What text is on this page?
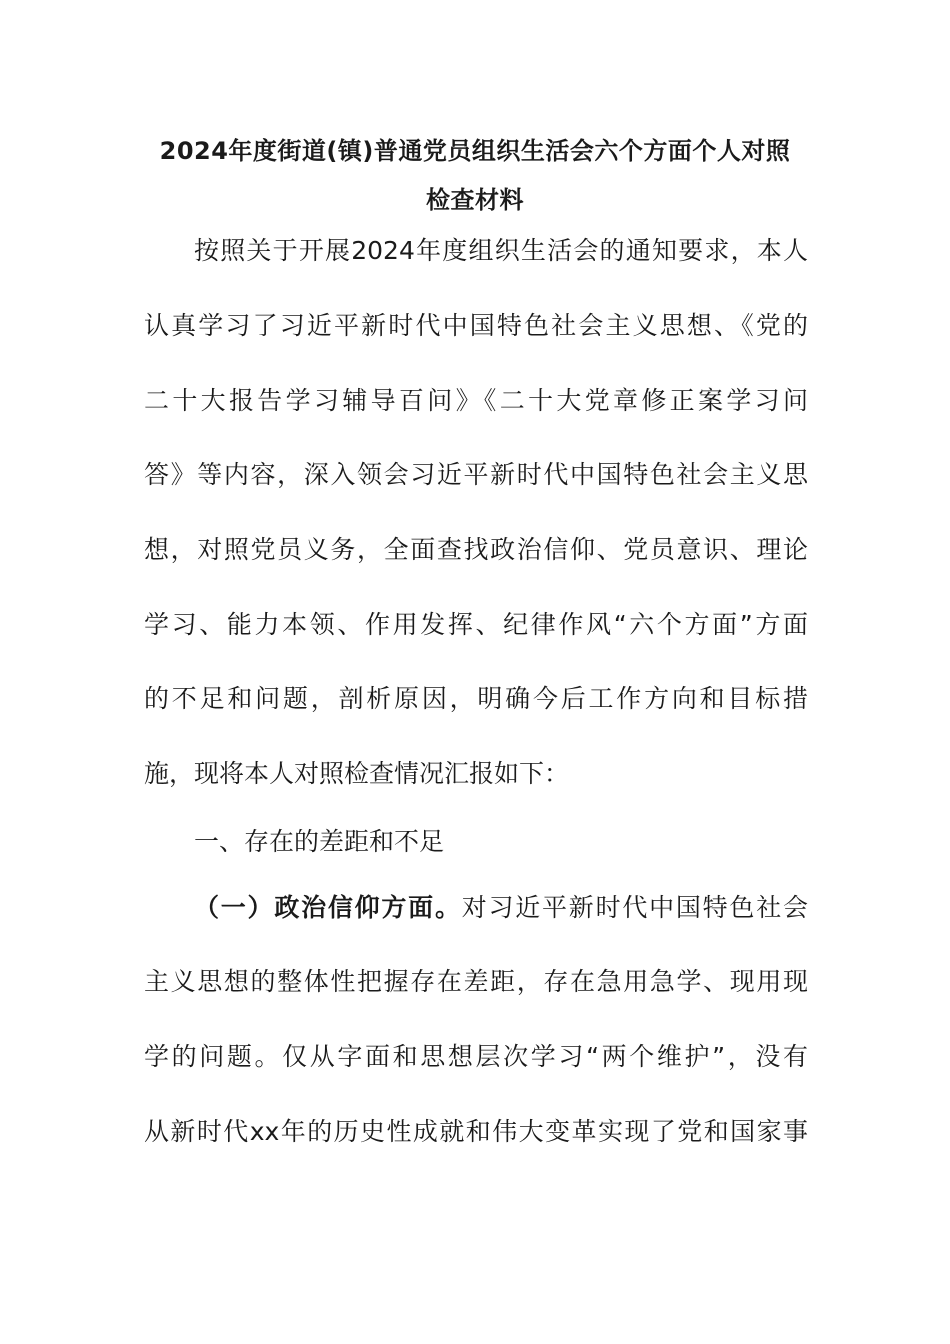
2024年度街道(镇)普通党员组织生活会六个方面个人对照
检查材料
按照关于开展2024年度组织生活会的通知要求，本人
认真学习了习近平新时代中国特色社会主义思想、《党的
二十大报告学习辅导百问》《二十大党章修正案学习问
答》等内容，深入领会习近平新时代中国特色社会主义思
想，对照党员义务，全面查找政治信仰、党员意识、理论
学习、能力本领、作用发挥、纪律作风“六个方面”方面
的不足和问题，剖析原因，明确今后工作方向和目标措
施，现将本人对照检查情况汇报如下：
一、存在的差距和不足
（一）政治信仰方面。对习近平新时代中国特色社会
主义思想的整体性把握存在差距，存在急用急学、现用现
学的问题。仅从字面和思想层次学习“两个维护”，没有
从新时代xx年的历史性成就和伟大变革实现了党和国家事
